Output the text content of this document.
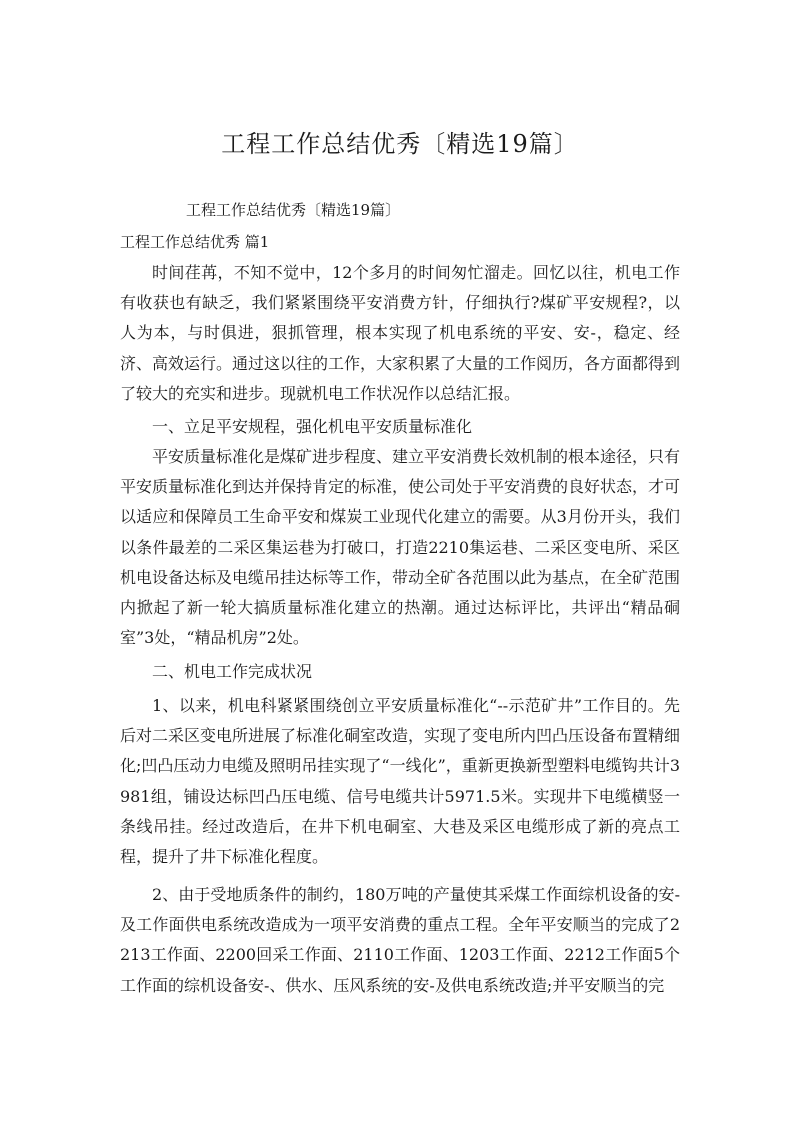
工程工作总结优秀〔精选19篇〕
工程工作总结优秀〔精选19篇〕
工程工作总结优秀 篇1

时间荏苒，不知不觉中，12个多月的时间匆忙溜走。回忆以往，机电工作有收获也有缺乏，我们紧紧围绕平安消费方针，仔细执行?煤矿平安规程?，以人为本，与时俱进，狠抓管理，根本实现了机电系统的平安、安-，稳定、经济、高效运行。通过这以往的工作，大家积累了大量的工作阅历，各方面都得到了较大的充实和进步。现就机电工作状况作以总结汇报。

一、立足平安规程，强化机电平安质量标准化

平安质量标准化是煤矿进步程度、建立平安消费长效机制的根本途径，只有平安质量标准化到达并保持肯定的标准，使公司处于平安消费的良好状态，才可以适应和保障员工生命平安和煤炭工业现代化建立的需要。从3月份开头，我们以条件最差的二采区集运巷为打破口，打造2210集运巷、二采区变电所、采区机电设备达标及电缆吊挂达标等工作，带动全矿各范围以此为基点，在全矿范围内掀起了新一轮大搞质量标准化建立的热潮。通过达标评比，共评出“精品硐室”3处，“精品机房”2处。

二、机电工作完成状况

1、以来，机电科紧紧围绕创立平安质量标准化“--示范矿井”工作目的。先后对二采区变电所进展了标准化硐室改造，实现了变电所内凹凸压设备布置精细化;凹凸压动力电缆及照明吊挂实现了“一线化”，重新更换新型塑料电缆钩共计3981组，铺设达标凹凸压电缆、信号电缆共计5971.5米。实现井下电缆横竖一条线吊挂。经过改造后，在井下机电硐室、大巷及采区电缆形成了新的亮点工程，提升了井下标准化程度。

2、由于受地质条件的制约，180万吨的产量使其采煤工作面综机设备的安-及工作面供电系统改造成为一项平安消费的重点工程。全年平安顺当的完成了2213工作面、2200回采工作面、2110工作面、1203工作面、2212工作面5个工作面的综机设备安-、供水、压风系统的安-及供电系统改造;并平安顺当的完
